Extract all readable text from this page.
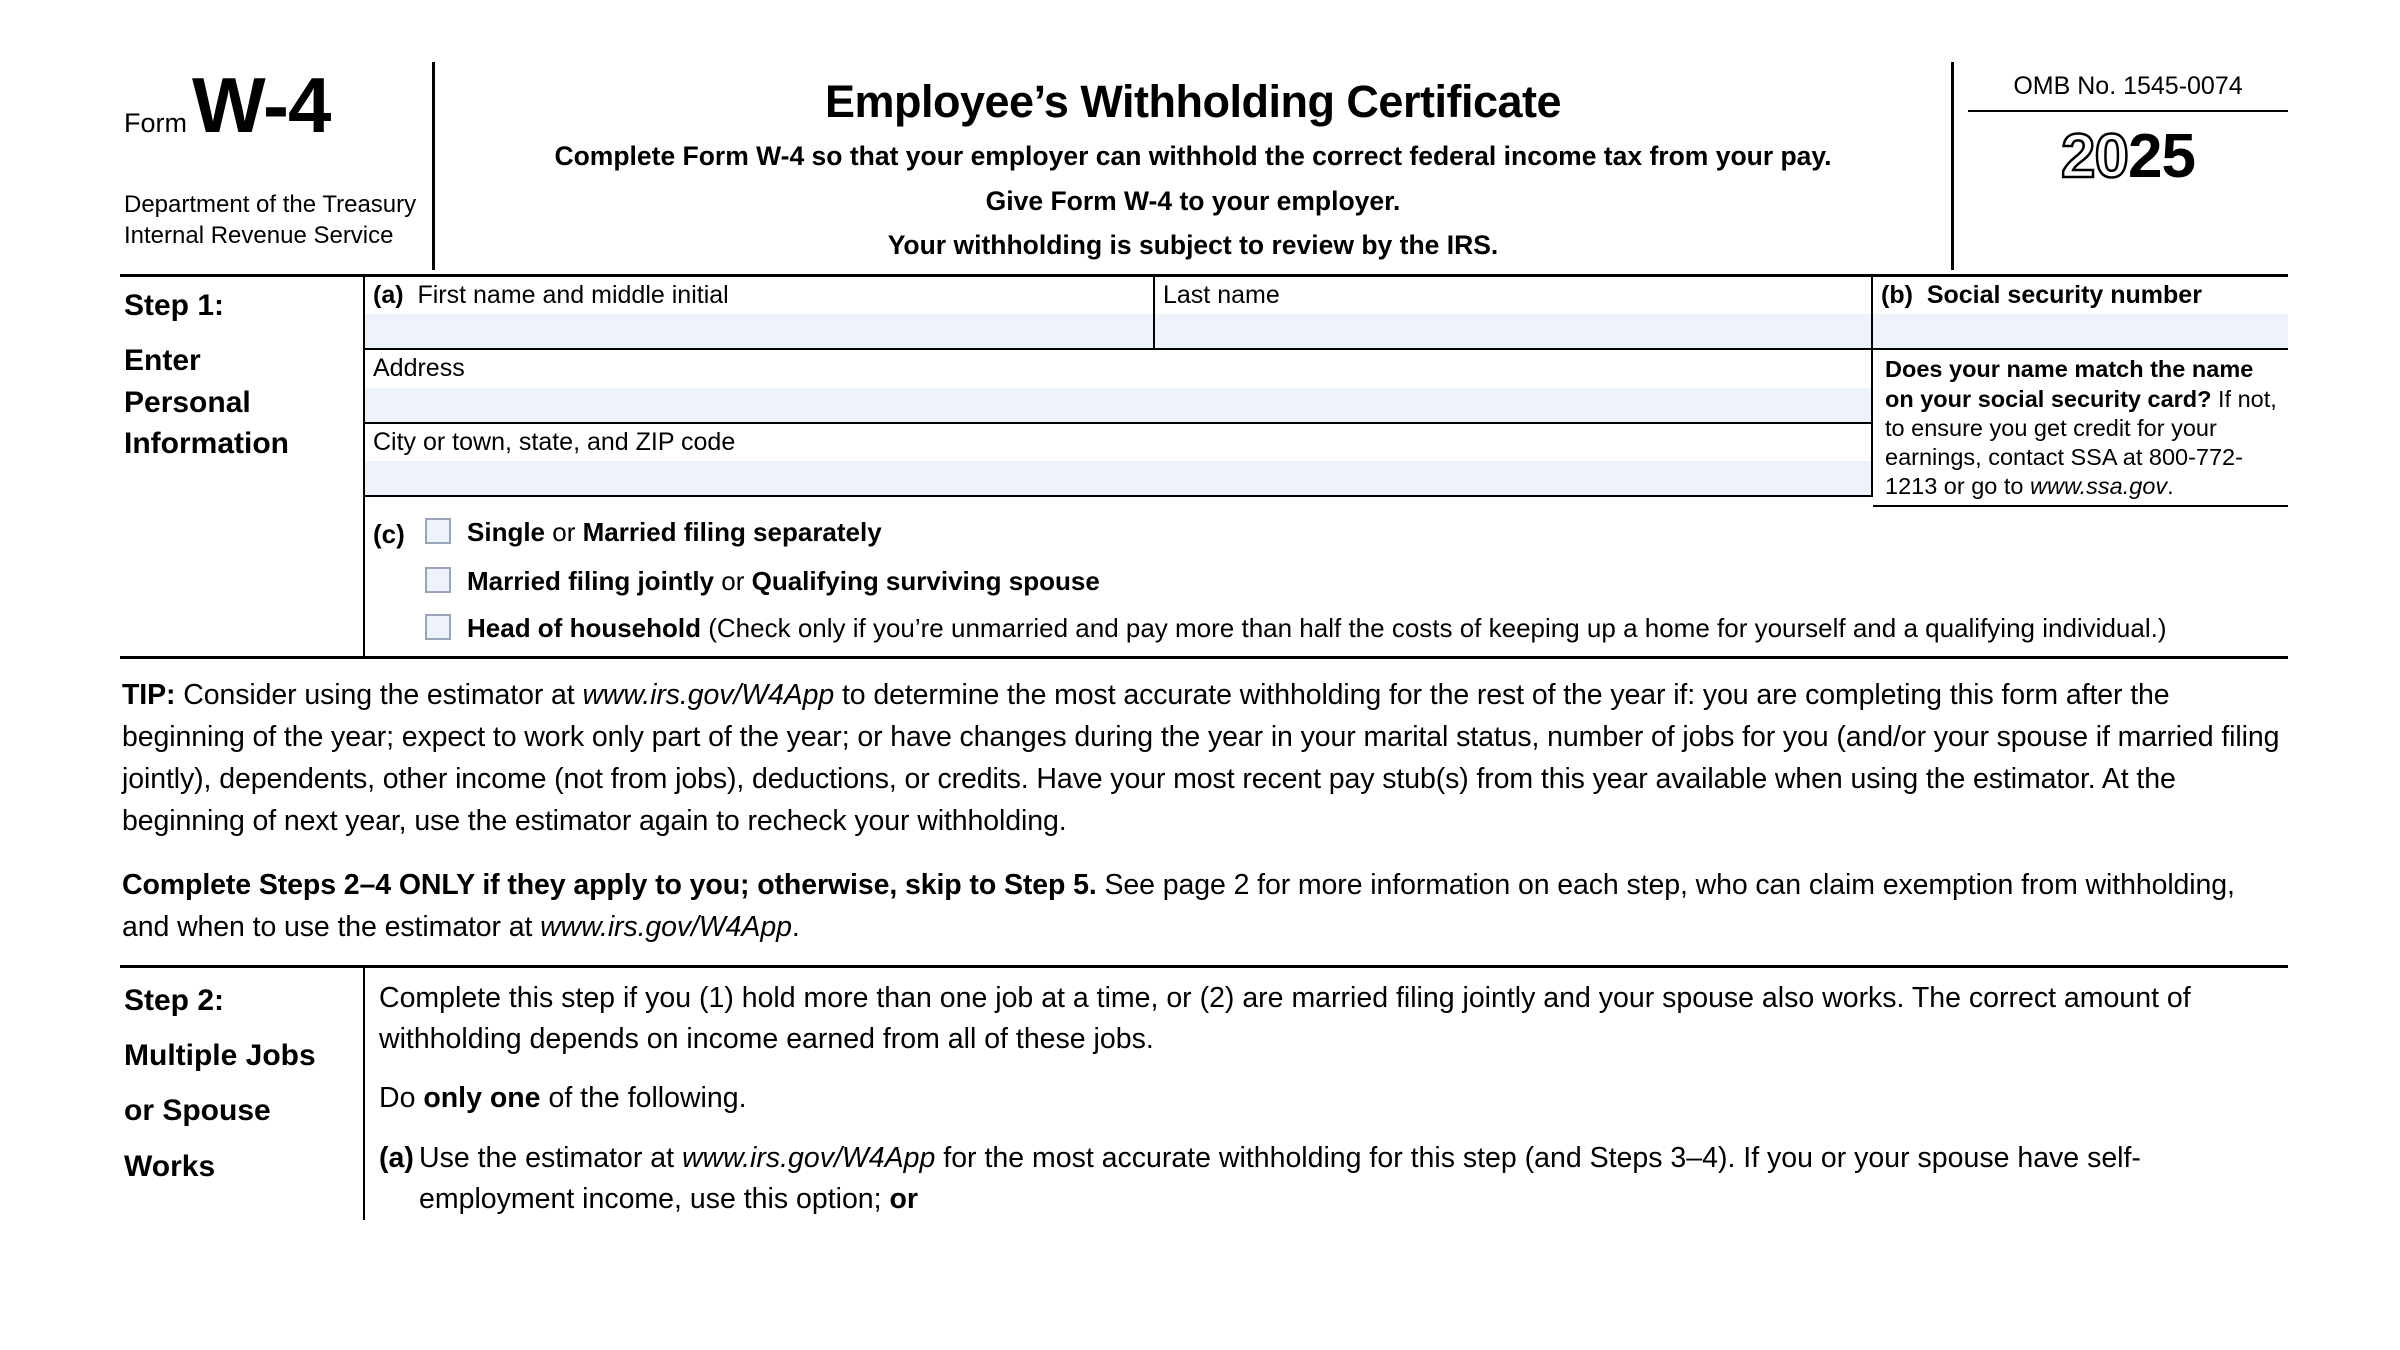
Form W-4
Department of the Treasury
Internal Revenue Service
Employee’s Withholding Certificate
Complete Form W-4 so that your employer can withhold the correct federal income tax from your pay.
Give Form W-4 to your employer.
Your withholding is subject to review by the IRS.
OMB No. 1545-0074
2025
Step 1:
Enter
Personal
Information
(a) First name and middle initial	Last name	(b) Social security number
Address
City or town, state, and ZIP code
Does your name match the name on your social security card? If not, to ensure you get credit for your earnings, contact SSA at 800-772-1213 or go to www.ssa.gov.
(c) Single or Married filing separately
Married filing jointly or Qualifying surviving spouse
Head of household (Check only if you’re unmarried and pay more than half the costs of keeping up a home for yourself and a qualifying individual.)

TIP: Consider using the estimator at www.irs.gov/W4App to determine the most accurate withholding for the rest of the year if: you are completing this form after the beginning of the year; expect to work only part of the year; or have changes during the year in your marital status, number of jobs for you (and/or your spouse if married filing jointly), dependents, other income (not from jobs), deductions, or credits. Have your most recent pay stub(s) from this year available when using the estimator. At the beginning of next year, use the estimator again to recheck your withholding.

Complete Steps 2–4 ONLY if they apply to you; otherwise, skip to Step 5. See page 2 for more information on each step, who can claim exemption from withholding, and when to use the estimator at www.irs.gov/W4App.

Step 2:
Multiple Jobs
or Spouse
Works

Complete this step if you (1) hold more than one job at a time, or (2) are married filing jointly and your spouse also works. The correct amount of withholding depends on income earned from all of these jobs.

Do only one of the following.

(a) Use the estimator at www.irs.gov/W4App for the most accurate withholding for this step (and Steps 3–4). If you or your spouse have self-employment income, use this option; or
